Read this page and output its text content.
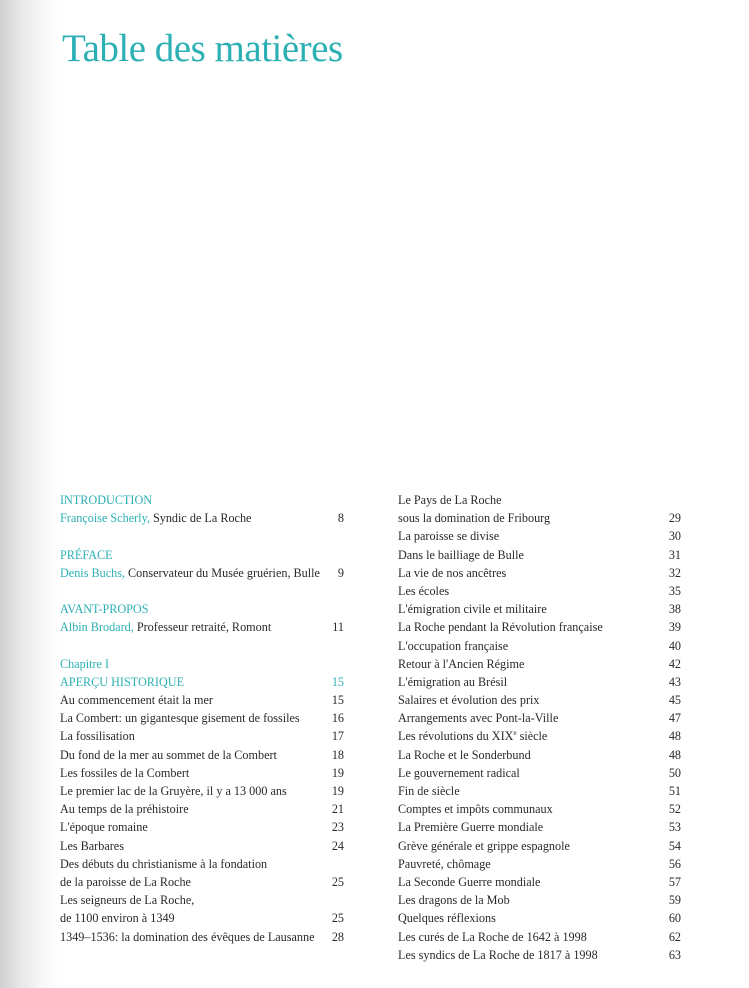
Table des matières
INTRODUCTION
Françoise Scherly, Syndic de La Roche	8
PRÉFACE
Denis Buchs, Conservateur du Musée gruérien, Bulle 9
AVANT-PROPOS
Albin Brodard, Professeur retraité, Romont	11
Chapitre I
APERÇU HISTORIQUE	15
Au commencement était la mer	15
La Combert: un gigantesque gisement de fossiles	16
La fossilisation	17
Du fond de la mer au sommet de la Combert	18
Les fossiles de la Combert	19
Le premier lac de la Gruyère, il y a 13 000 ans	19
Au temps de la préhistoire	21
L'époque romaine	23
Les Barbares	24
Des débuts du christianisme à la fondation
de la paroisse de La Roche	25
Les seigneurs de La Roche,
de 1100 environ à 1349	25
1349–1536: la domination des évêques de Lausanne 28
Le Pays de La Roche
sous la domination de Fribourg	29
La paroisse se divise	30
Dans le bailliage de Bulle	31
La vie de nos ancêtres	32
Les écoles	35
L'émigration civile et militaire	38
La Roche pendant la Révolution française	39
L'occupation française	40
Retour à l'Ancien Régime	42
L'émigration au Brésil	43
Salaires et évolution des prix	45
Arrangements avec Pont-la-Ville	47
Les révolutions du XIXe siècle	48
La Roche et le Sonderbund	48
Le gouvernement radical	50
Fin de siècle	51
Comptes et impôts communaux	52
La Première Guerre mondiale	53
Grève générale et grippe espagnole	54
Pauvreté, chômage	56
La Seconde Guerre mondiale	57
Les dragons de la Mob	59
Quelques réflexions	60
Les curés de La Roche de 1642 à 1998	62
Les syndics de La Roche de 1817 à 1998	63
